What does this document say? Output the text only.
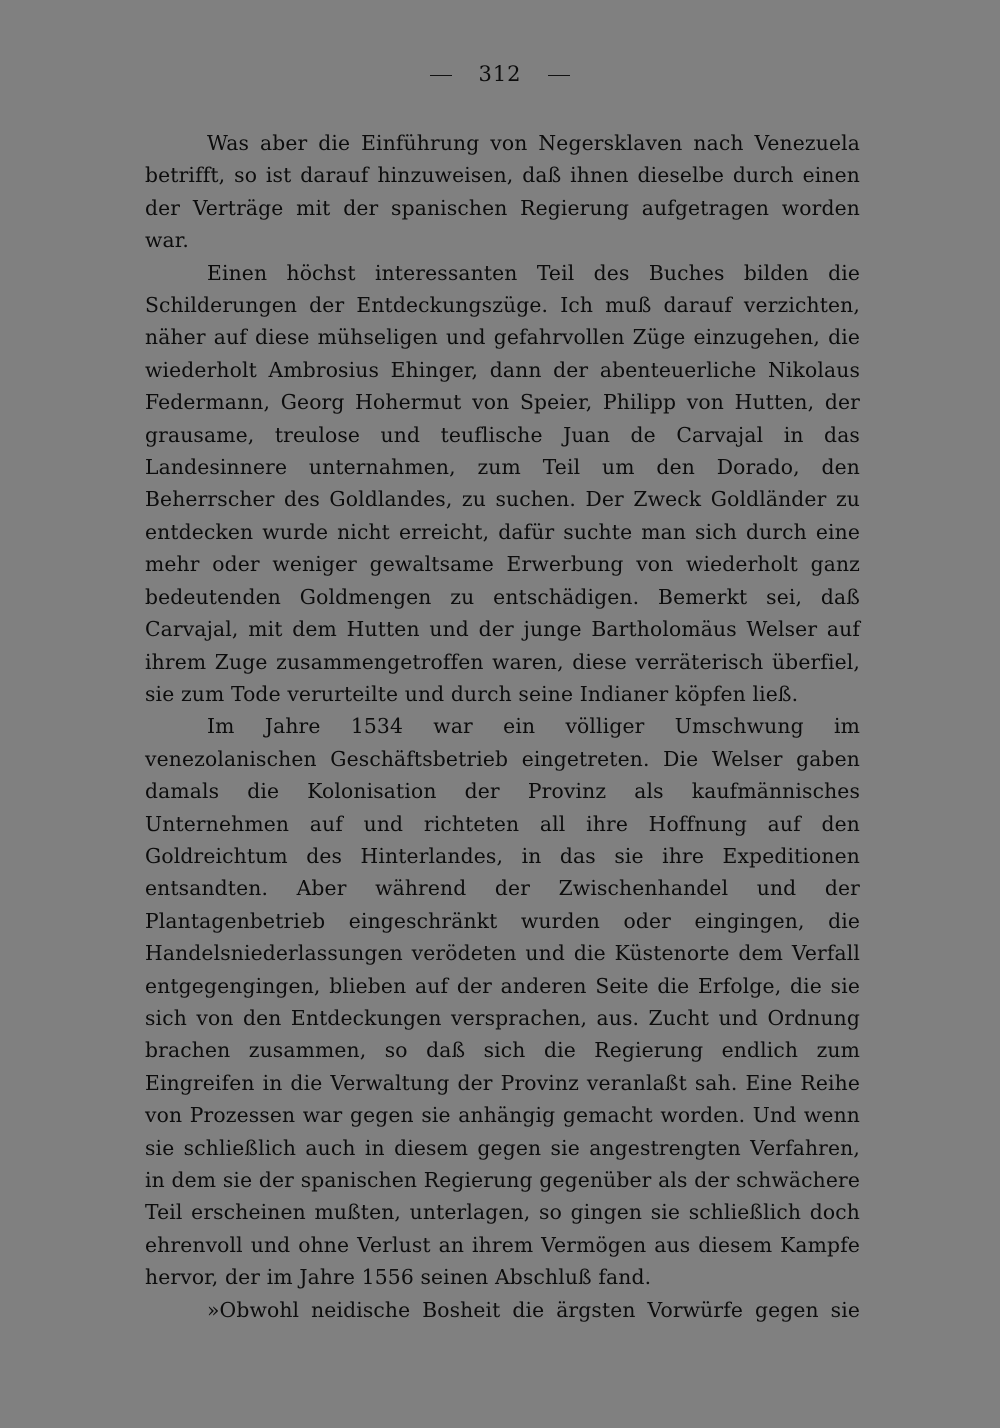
312

Was aber die Einführung von Negersklaven nach Venezuela betrifft, so ist darauf hinzuweisen, daß ihnen dieselbe durch einen der Verträge mit der spanischen Regierung aufgetragen worden war.

Einen höchst interessanten Teil des Buches bilden die Schilderungen der Entdeckungszüge. Ich muß darauf verzichten, näher auf diese mühseligen und gefahrvollen Züge einzugehen, die wiederholt Ambrosius Ehinger, dann der abenteuerliche Nikolaus Federmann, Georg Hohermut von Speier, Philipp von Hutten, der grausame, treulose und teuflische Juan de Carvajal in das Landesinnere unternahmen, zum Teil um den Dorado, den Beherrscher des Goldlandes, zu suchen. Der Zweck Goldländer zu entdecken wurde nicht erreicht, dafür suchte man sich durch eine mehr oder weniger gewaltsame Erwerbung von wiederholt ganz bedeutenden Goldmengen zu entschädigen. Bemerkt sei, daß Carvajal, mit dem Hutten und der junge Bartholomäus Welser auf ihrem Zuge zusammengetroffen waren, diese verräterisch überfiel, sie zum Tode verurteilte und durch seine Indianer köpfen ließ.

Im Jahre 1534 war ein völliger Umschwung im venezolanischen Geschäftsbetrieb eingetreten. Die Welser gaben damals die Kolonisation der Provinz als kaufmännisches Unternehmen auf und richteten all ihre Hoffnung auf den Goldreichtum des Hinterlandes, in das sie ihre Expeditionen entsandten. Aber während der Zwischenhandel und der Plantagenbetrieb eingeschränkt wurden oder eingingen, die Handelsniederlassungen verödeten und die Küstenorte dem Verfall entgegengingen, blieben auf der anderen Seite die Erfolge, die sie sich von den Entdeckungen versprachen, aus. Zucht und Ordnung brachen zusammen, so daß sich die Regierung endlich zum Eingreifen in die Verwaltung der Provinz veranlaßt sah. Eine Reihe von Prozessen war gegen sie anhängig gemacht worden. Und wenn sie schließlich auch in diesem gegen sie angestrengten Verfahren, in dem sie der spanischen Regierung gegenüber als der schwächere Teil erscheinen mußten, unterlagen, so gingen sie schließlich doch ehrenvoll und ohne Verlust an ihrem Vermögen aus diesem Kampfe hervor, der im Jahre 1556 seinen Abschluß fand.

»Obwohl neidische Bosheit die ärgsten Vorwürfe gegen sie
